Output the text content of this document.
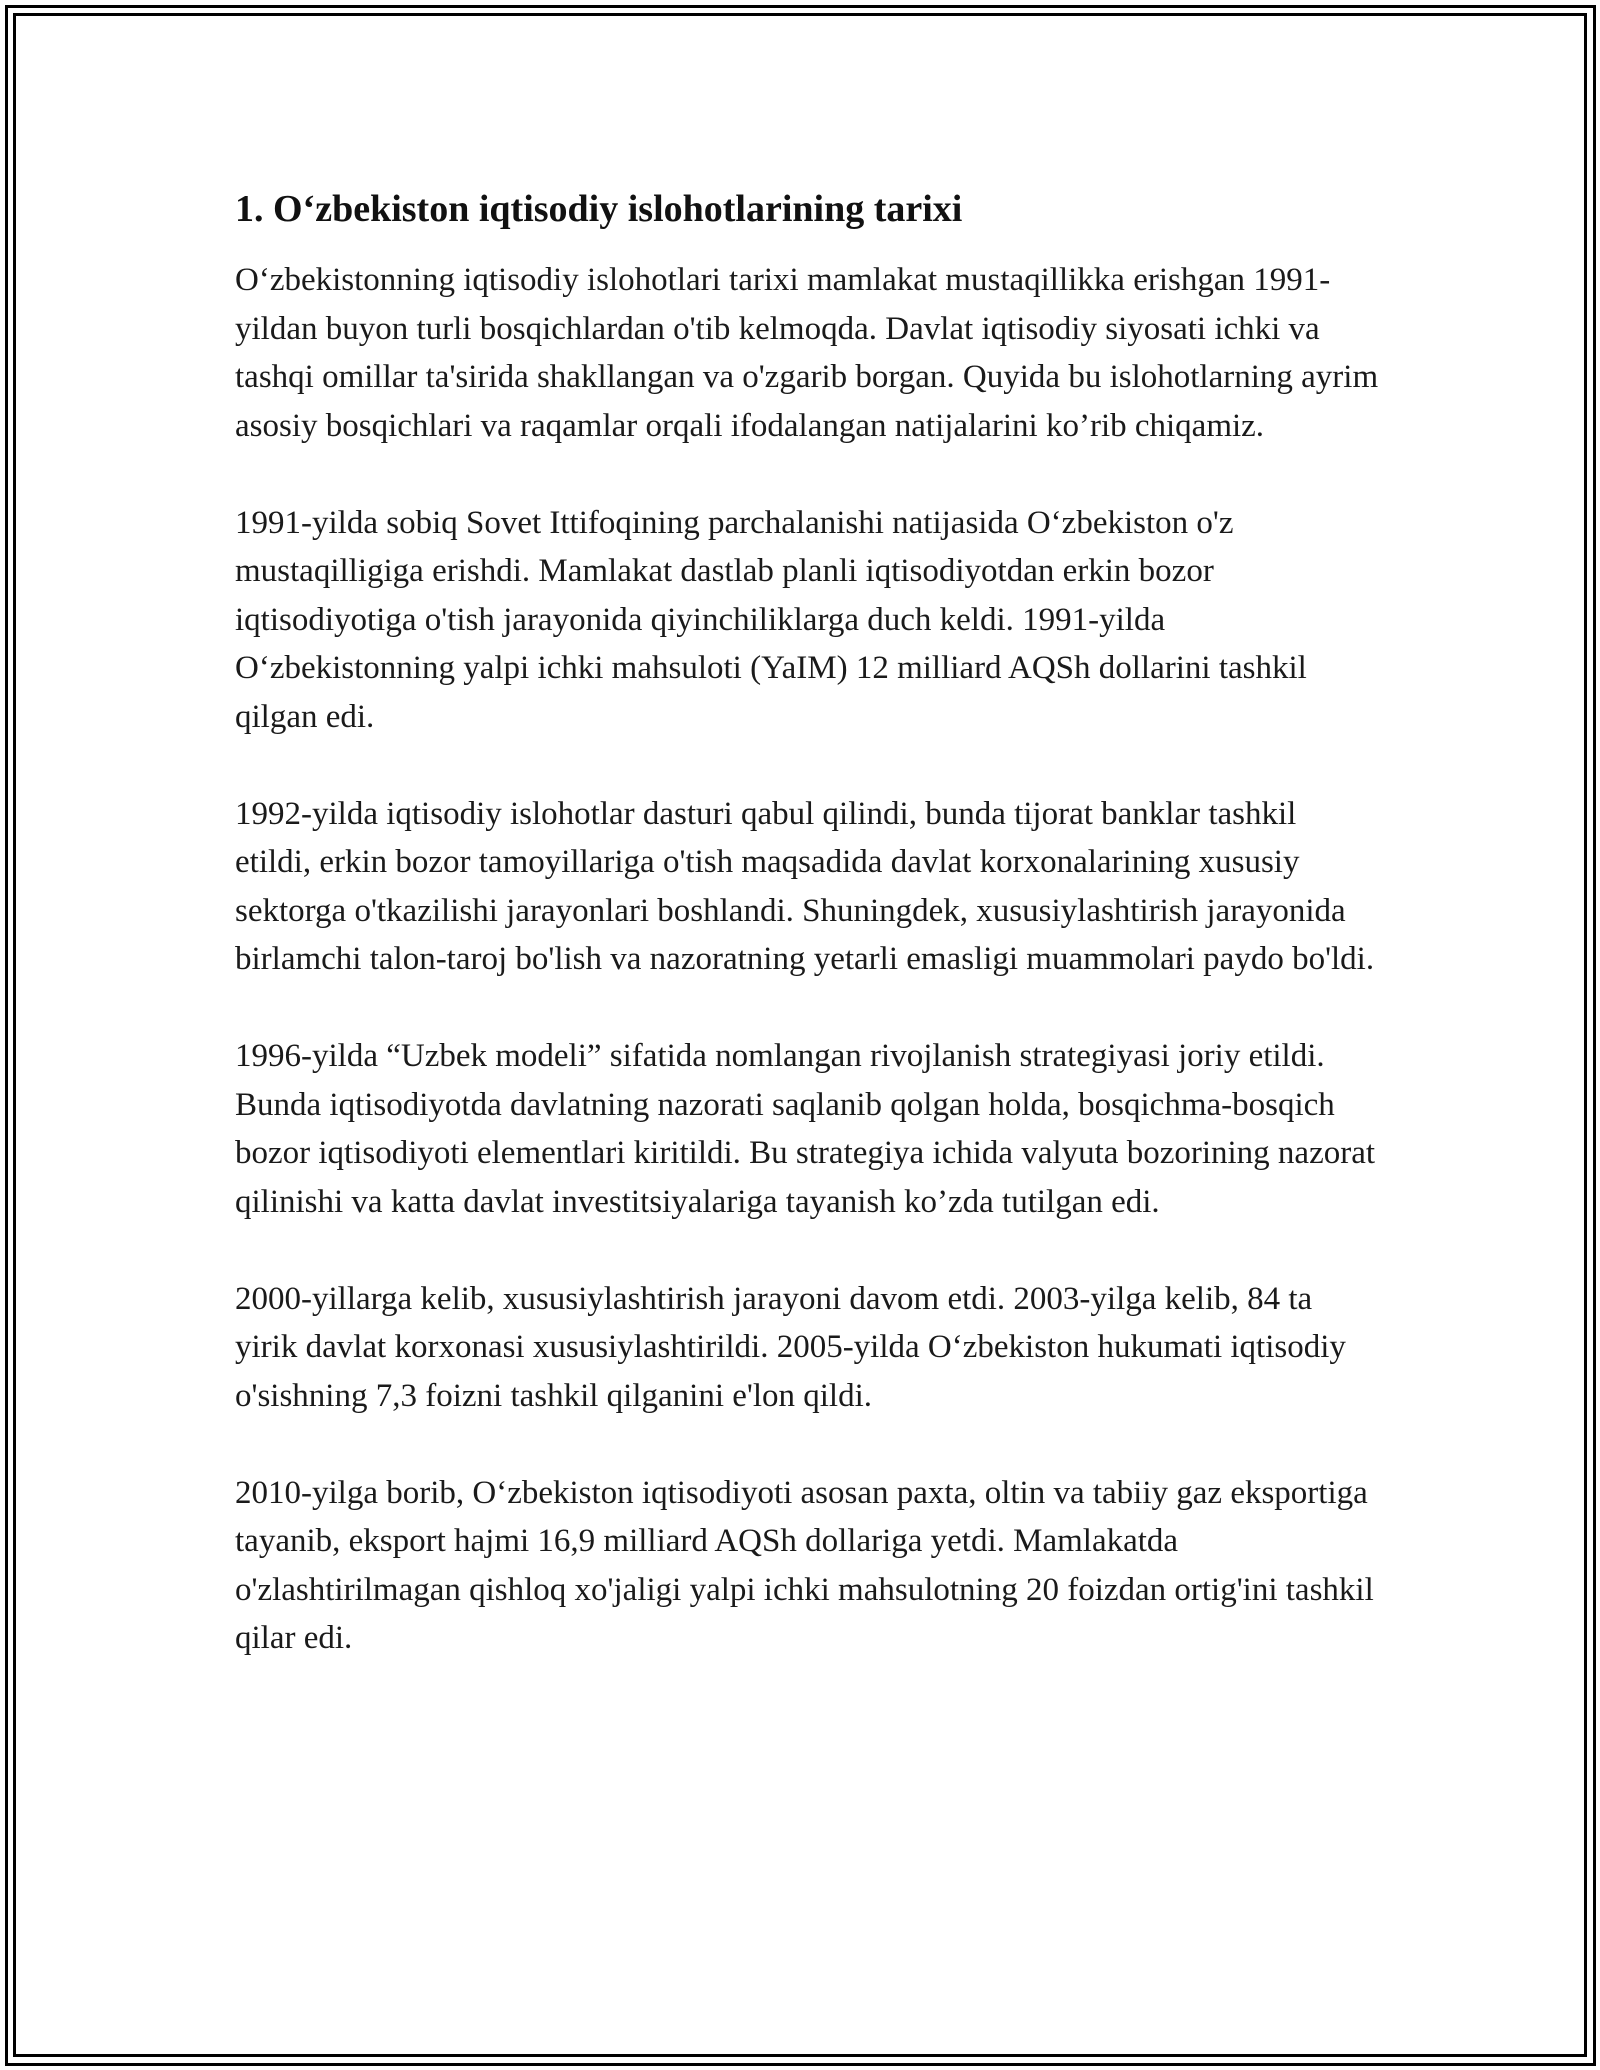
1. O‘zbekiston iqtisodiy islohotlarining tarixi

O‘zbekistonning iqtisodiy islohotlari tarixi mamlakat mustaqillikka erishgan 1991-yildan buyon turli bosqichlardan o'tib kelmoqda. Davlat iqtisodiy siyosati ichki va tashqi omillar ta'sirida shakllangan va o'zgarib borgan. Quyida bu islohotlarning ayrim asosiy bosqichlari va raqamlar orqali ifodalangan natijalarini ko’rib chiqamiz.

1991-yilda sobiq Sovet Ittifoqining parchalanishi natijasida O‘zbekiston o'z mustaqilligiga erishdi. Mamlakat dastlab planli iqtisodiyotdan erkin bozor iqtisodiyotiga o'tish jarayonida qiyinchiliklarga duch keldi. 1991-yilda O‘zbekistonning yalpi ichki mahsuloti (YaIM) 12 milliard AQSh dollarini tashkil qilgan edi.

1992-yilda iqtisodiy islohotlar dasturi qabul qilindi, bunda tijorat banklar tashkil etildi, erkin bozor tamoyillariga o'tish maqsadida davlat korxonalarining xususiy sektorga o'tkazilishi jarayonlari boshlandi. Shuningdek, xususiylashtirish jarayonida birlamchi talon-taroj bo'lish va nazoratning yetarli emasligi muammolari paydo bo'ldi.

1996-yilda “Uzbek modeli” sifatida nomlangan rivojlanish strategiyasi joriy etildi. Bunda iqtisodiyotda davlatning nazorati saqlanib qolgan holda, bosqichma-bosqich bozor iqtisodiyoti elementlari kiritildi. Bu strategiya ichida valyuta bozorining nazorat qilinishi va katta davlat investitsiyalariga tayanish ko’zda tutilgan edi.

2000-yillarga kelib, xususiylashtirish jarayoni davom etdi. 2003-yilga kelib, 84 ta yirik davlat korxonasi xususiylashtirildi. 2005-yilda O‘zbekiston hukumati iqtisodiy o'sishning 7,3 foizni tashkil qilganini e'lon qildi.

2010-yilga borib, O‘zbekiston iqtisodiyoti asosan paxta, oltin va tabiiy gaz eksportiga tayanib, eksport hajmi 16,9 milliard AQSh dollariga yetdi. Mamlakatda o'zlashtirilmagan qishloq xo'jaligi yalpi ichki mahsulotning 20 foizdan ortig'ini tashkil qilar edi.
